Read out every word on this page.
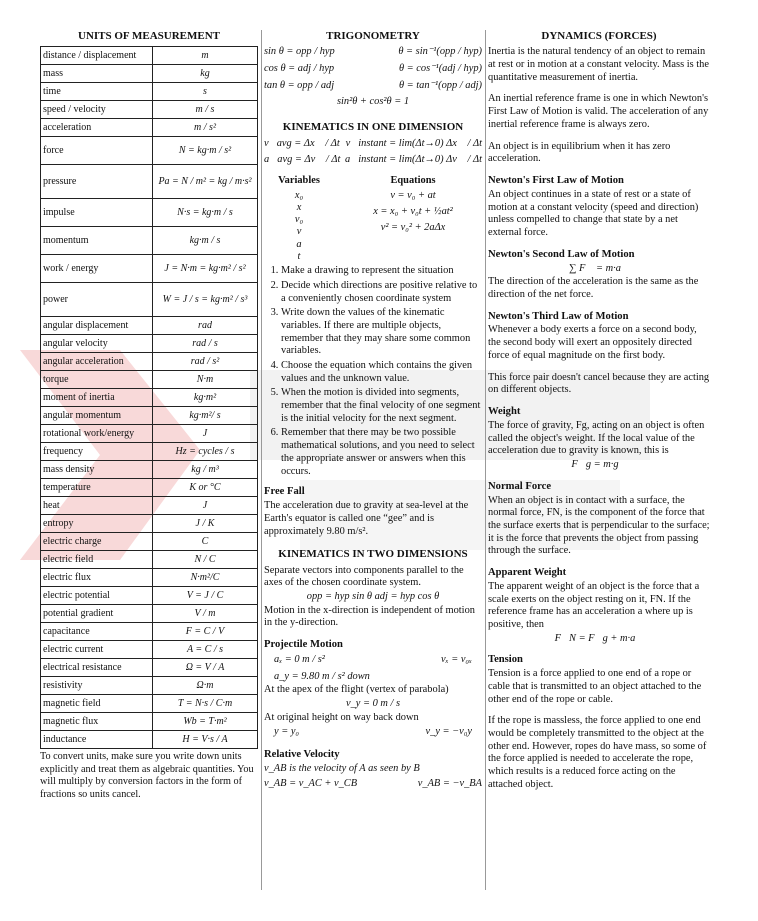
UNITS OF MEASUREMENT
distance / displacement	m
mass	kg
time	s
speed / velocity	m / s
acceleration	m / s²
force	N = kg·m / s²
pressure	Pa = N / m² = kg / m·s²
impulse	N·s = kg·m / s
momentum	kg·m / s
work / energy	J = N·m = kg·m² / s²
power	W = J / s = kg·m² / s³
angular displacement	rad
angular velocity	rad / s
angular acceleration	rad / s²
torque	N·m
moment of inertia	kg·m²
angular momentum	kg·m²/ s
rotational work/energy	J
frequency	Hz = cycles / s
mass density	kg / m³
temperature	K or °C
heat	J
entropy	J / K
electric charge	C
electric field	N / C
electric flux	N·m²/C
electric potential	V = J / C
potential gradient	V / m
capacitance	F = C / V
electric current	A = C / s
electrical resistance	Ω = V / A
resistivity	Ω·m
magnetic field	T = N·s / C·m
magnetic flux	Wb = T·m²
inductance	H = V·s / A
To convert units, make sure you write down units explicitly and treat them as algebraic quantities. You will multiply by conversion factors in the form of fractions so units cancel.
TRIGONOMETRY
sin θ = opp / hyp	θ = sin⁻¹(opp / hyp)
cos θ = adj / hyp	θ = cos⁻¹(adj / hyp)
tan θ = opp / adj	θ = tan⁻¹(opp / adj)
sin²θ + cos²θ = 1
KINEMATICS IN ONE DIMENSION
v⃗avg = Δx⃗ / Δt v⃗instant = lim(Δt→0) Δx⃗ / Δt
a⃗avg = Δv⃗ / Δt a⃗instant = lim(Δt→0) Δv⃗ / Δt
Variables
x₀
x
v₀
v
a
t
Equations
v = v₀ + at
x = x₀ + v₀t + ½at²
v² = v₀² + 2aΔx
1. Make a drawing to represent the situation
2. Decide which directions are positive relative to a conveniently chosen coordinate system
3. Write down the values of the kinematic variables. If there are multiple objects, remember that they may share some common variables.
4. Choose the equation which contains the given values and the unknown value.
5. When the motion is divided into segments, remember that the final velocity of one segment is the initial velocity for the next segment.
6. Remember that there may be two possible mathematical solutions, and you need to select the appropriate answer or answers when this occurs.
Free Fall

The acceleration due to gravity at sea-level at the Earth's equator is called one “gee” and is approximately 9.80 m/s².

KINEMATICS IN TWO DIMENSIONS
Separate vectors into components parallel to the axes of the chosen coordinate system.
opp = hyp sin θ adj = hyp cos θ

Motion in the x-direction is independent of motion in the y-direction.

Projectile Motion
aₓ = 0 m / s²	vₓ = v₀ₓ
a_y = 9.80 m / s² down
At the apex of the flight (vertex of parabola)
v_y = 0 m / s
At original height on way back down
y = y₀	v_y = −v₀y
Relative Velocity
v_AB is the velocity of A as seen by B
v_AB = v_AC + v_CB	v_AB = −v_BA
DYNAMICS (FORCES)

Inertia is the natural tendency of an object to remain at rest or in motion at a constant velocity. Mass is the quantitative measurement of inertia.

An inertial reference frame is one in which Newton's First Law of Motion is valid. The acceleration of any inertial reference frame is always zero.

An object is in equilibrium when it has zero acceleration.

Newton's First Law of Motion

An object continues in a state of rest or a state of motion at a constant velocity (speed and direction) unless compelled to change that state by a net external force.

Newton's Second Law of Motion
∑ F⃗ = m·a⃗

The direction of the acceleration is the same as the direction of the net force.

Newton's Third Law of Motion

Whenever a body exerts a force on a second body, the second body will exert an oppositely directed force of equal magnitude on the first body.

This force pair doesn't cancel because they are acting on different objects.

Weight
The force of gravity, Fg, acting on an object is often called the object's weight. If the local value of the acceleration due to gravity is known, this is
F⃗g = m·g⃗
Normal Force

When an object is in contact with a surface, the normal force, FN, is the component of the force that the surface exerts that is perpendicular to the surface; it is the force that prevents the object from passing through the surface.

Apparent Weight
The apparent weight of an object is the force that a scale exerts on the object resting on it, FN. If the reference frame has an acceleration a where up is positive, then
F⃗N = F⃗g + m·a⃗
Tension

Tension is a force applied to one end of a rope or cable that is transmitted to an object attached to the other end of the rope or cable.

If the rope is massless, the force applied to one end would be completely transmitted to the object at the other end. However, ropes do have mass, so some of the force applied is needed to accelerate the rope, which results is a reduced force acting on the attached object.
